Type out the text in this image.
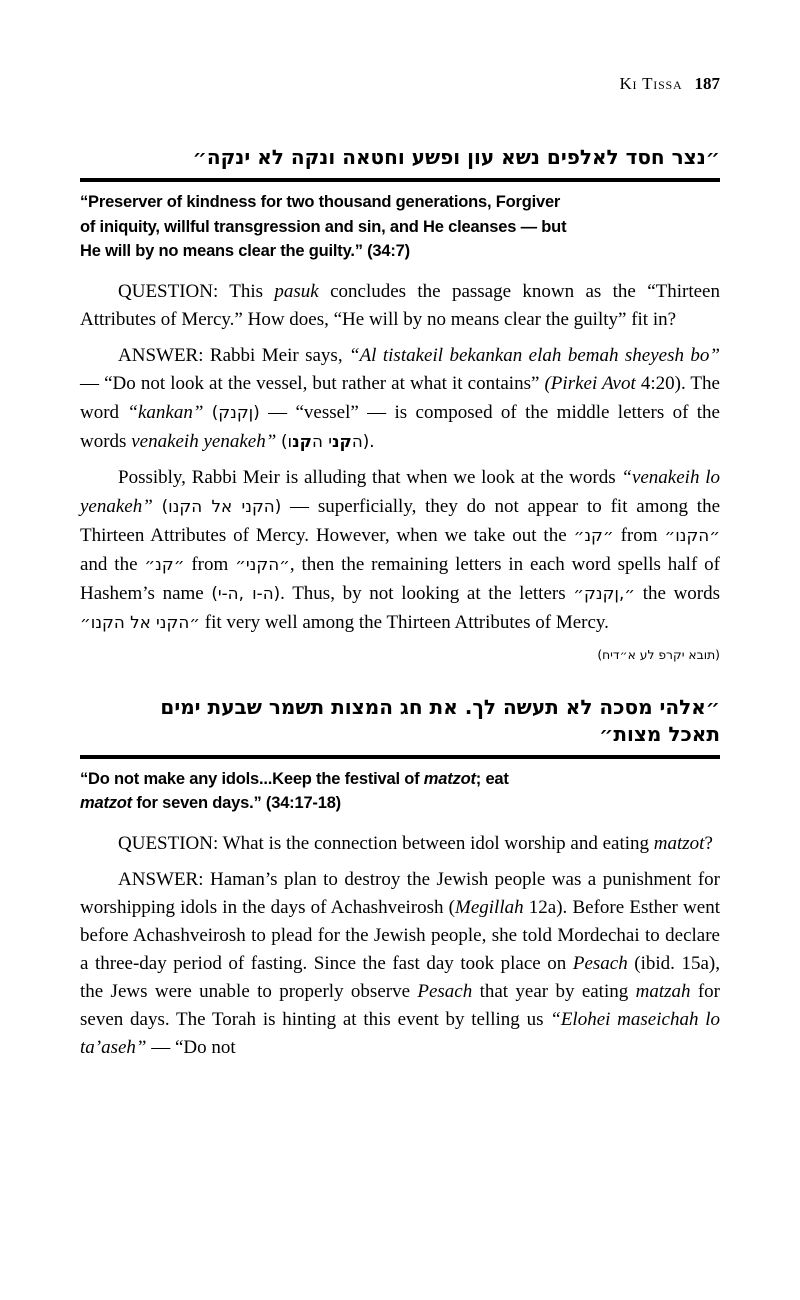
Ki Tissa 187
״נצר חסד לאלפים נשא עון ופשע וחטאה ונקה לא ינקה״
“Preserver of kindness for two thousand generations, Forgiver
of iniquity, willful transgression and sin, and He cleanses — but
He will by no means clear the guilty.” (34:7)

QUESTION: This pasuk concludes the passage known as the “Thirteen Attributes of Mercy.” How does, “He will by no means clear the guilty” fit in?

ANSWER: Rabbi Meir says, “Al tistakeil bekankan elah bemah sheyesh bo” — “Do not look at the vessel, but rather at what it contains” (Pirkei Avot 4:20). The word “kankan” (קנקן) — “vessel” — is composed of the middle letters of the words venakeih yenakeh” (ונקה ינקה).

Possibly, Rabbi Meir is alluding that when we look at the words “venakeih lo yenakeh” (ונקה לא ינקה) — superficially, they do not appear to fit among the Thirteen Attributes of Mercy. However, when we take out the ״נק״ from ״ונקה״ and the ״נק״ from ״ינקה״, then the remaining letters in each word spells half of Hashem’s name (י-ה, ו-ה). Thus, by not looking at the letters ״קנקן,״ the words ״ונקה לא ינקה״ fit very well among the Thirteen Attributes of Mercy.

(חיד״א על פרקי אבות)
״אלהי מסכה לא תעשה לך. את חג המצות תשמר שבעת ימים
תאכל מצות״
“Do not make any idols...Keep the festival of matzot; eat
matzot for seven days.” (34:17-18)

QUESTION: What is the connection between idol worship and eating matzot?

ANSWER: Haman’s plan to destroy the Jewish people was a punishment for worshipping idols in the days of Achashveirosh (Megillah 12a). Before Esther went before Achashveirosh to plead for the Jewish people, she told Mordechai to declare a three-day period of fasting. Since the fast day took place on Pesach (ibid. 15a), the Jews were unable to properly observe Pesach that year by eating matzah for seven days. The Torah is hinting at this event by telling us “Elohei maseichah lo ta’aseh” — “Do not
